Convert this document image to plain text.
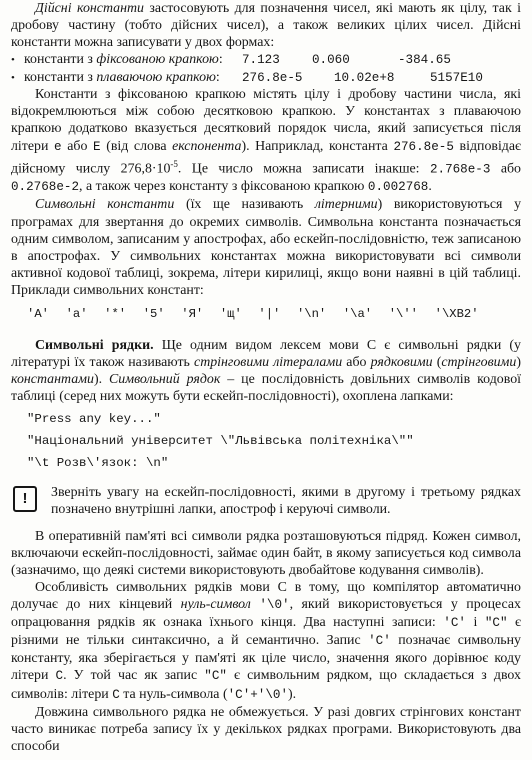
Дійсні константи застосовують для позначення чисел, які мають як цілу, так і дробову частину (тобто дійсних чисел), а також великих цілих чисел. Дійсні константи можна записувати у двох формах:

• константи з фіксованою крапкою:	7.123	0.060	-384.65
• константи з плаваючою крапкою:	276.8e-5	10.02e+8	5157E10

Константи з фіксованою крапкою містять цілу і дробову частини числа, які відокремлюються між собою десятковою крапкою. У константах з плаваючою крапкою додатково вказується десятковий порядок числа, який записується після літери e або E (від слова експонента). Наприклад, константа 276.8e-5 відповідає дійсному числу $276,8\cdot 10^{-5}$. Це число можна записати інакше: 2.768e-3 або 0.2768e-2, а також через константу з фіксованою крапкою 0.002768.

Символьні константи (їх ще називають літерними) використовуються у програмах для звертання до окремих символів. Символьна константа позначається одним символом, записаним у апострофах, або ескейп-послідовністю, теж записаною в апострофах. У символьних константах можна використовувати всі символи активної кодової таблиці, зокрема, літери кирилиці, якщо вони наявні в цій таблиці. Приклади символьних констант:

'A'  'a'  '*'  '5'  'Я'  'щ'  '|'  '\n'  '\a'  '\''  '\XB2'

Символьні рядки. Ще одним видом лексем мови С є символьні рядки (у літературі їх також називають стрінговими літералами або рядковими (стрінговими) константами). Символьний рядок – це послідовність довільних символів кодової таблиці (серед них можуть бути ескейп-послідовності), охоплена лапками:

"Press any key..."
"Національний університет \"Львівська політехніка\""
"\t Розв\'язок: \n"
!	Зверніть увагу на ескейп-послідовності, якими в другому і третьому рядках позначено внутрішні лапки, апостроф і керуючі символи.

В оперативній пам'яті всі символи рядка розташовуються підряд. Кожен символ, включаючи ескейп-послідовності, займає один байт, в якому записується код символа (зазначимо, що деякі системи використовують двобайтове кодування символів).

Особливість символьних рядків мови С в тому, що компілятор автоматично долучає до них кінцевий нуль-символ '\0', який використовується у процесах опрацювання рядків як ознака їхнього кінця. Два наступні записи: 'C' і "C" є різними не тільки синтаксично, а й семантично. Запис 'C' позначає символьну константу, яка зберігається у пам'яті як ціле число, значення якого дорівнює коду літери C. У той час як запис "C" є символьним рядком, що складається з двох символів: літери C та нуль-символа ('C'+'\0').

Довжина символьного рядка не обмежується. У разі довгих стрінгових констант часто виникає потреба запису їх у декількох рядках програми. Використовують два способи
